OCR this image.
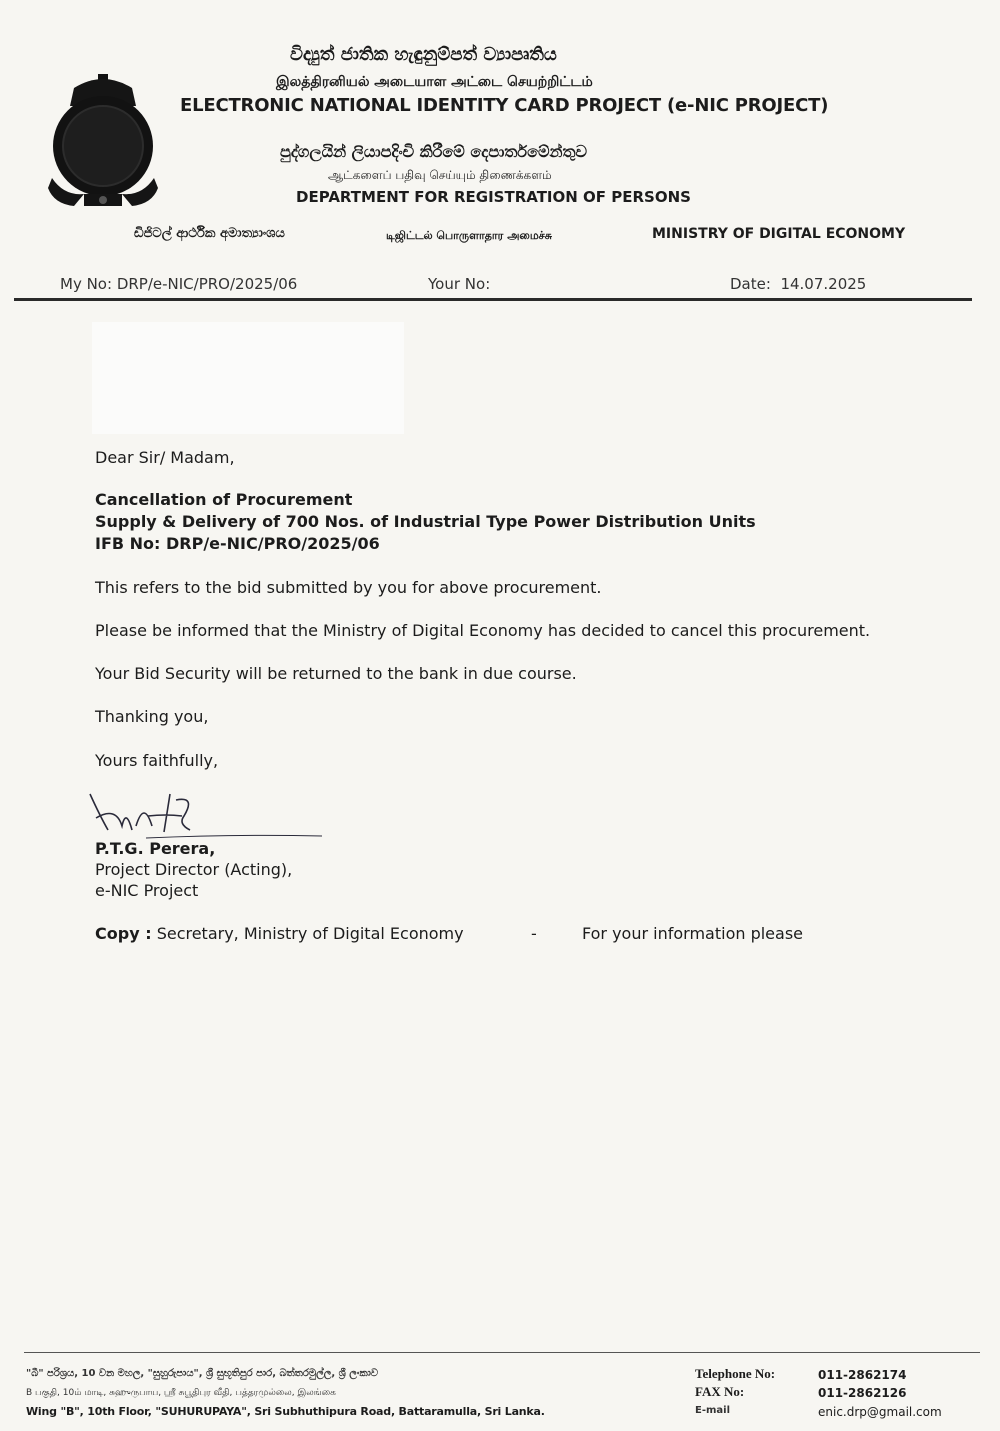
විද්‍යුත් ජාතික හැඳුනුම්පත් ව්‍යාපෘතිය
இலத்திரனியல் அடையாள அட்டை செயற்றிட்டம்
ELECTRONIC NATIONAL IDENTITY CARD PROJECT (e-NIC PROJECT)
පුද්ගලයින් ලියාපදිංචි කිරීමේ දෙපාර්තමේන්තුව
ஆட்களைப் பதிவு செய்யும் திணைக்களம்
DEPARTMENT FOR REGISTRATION OF PERSONS
ඩිජිටල් ආර්ථික අමාත්‍යාංශය	டிஜிட்டல் பொருளாதார அமைச்சு	MINISTRY OF DIGITAL ECONOMY
My No: DRP/e-NIC/PRO/2025/06	Your No:	Date: 14.07.2025
Dear Sir/ Madam,
Cancellation of Procurement
Supply & Delivery of 700 Nos. of Industrial Type Power Distribution Units
IFB No: DRP/e-NIC/PRO/2025/06
This refers to the bid submitted by you for above procurement.
Please be informed that the Ministry of Digital Economy has decided to cancel this procurement.
Your Bid Security will be returned to the bank in due course.
Thanking you,
Yours faithfully,
P.T.G. Perera,
Project Director (Acting),
e-NIC Project
Copy : Secretary, Ministry of Digital Economy	-	For your information please
"බී" පරිශ්‍රය, 10 වන මහල, "සුහුරුපාය", ශ්‍රී සුභූතිපුර පාර, බත්තරමුල්ල, ශ්‍රී ලංකාව
B பகுதி, 10ம் மாடி, சுஹுருபாய, ஸ்ரீ சுபூதிபுர வீதி, பத்தரமுல்லை, இலங்கை
Wing "B", 10th Floor, "SUHURUPAYA", Sri Subhuthipura Road, Battaramulla, Sri Lanka.
Telephone No:	011-2862174
FAX No:	011-2862126
E-mail	enic.drp@gmail.com
